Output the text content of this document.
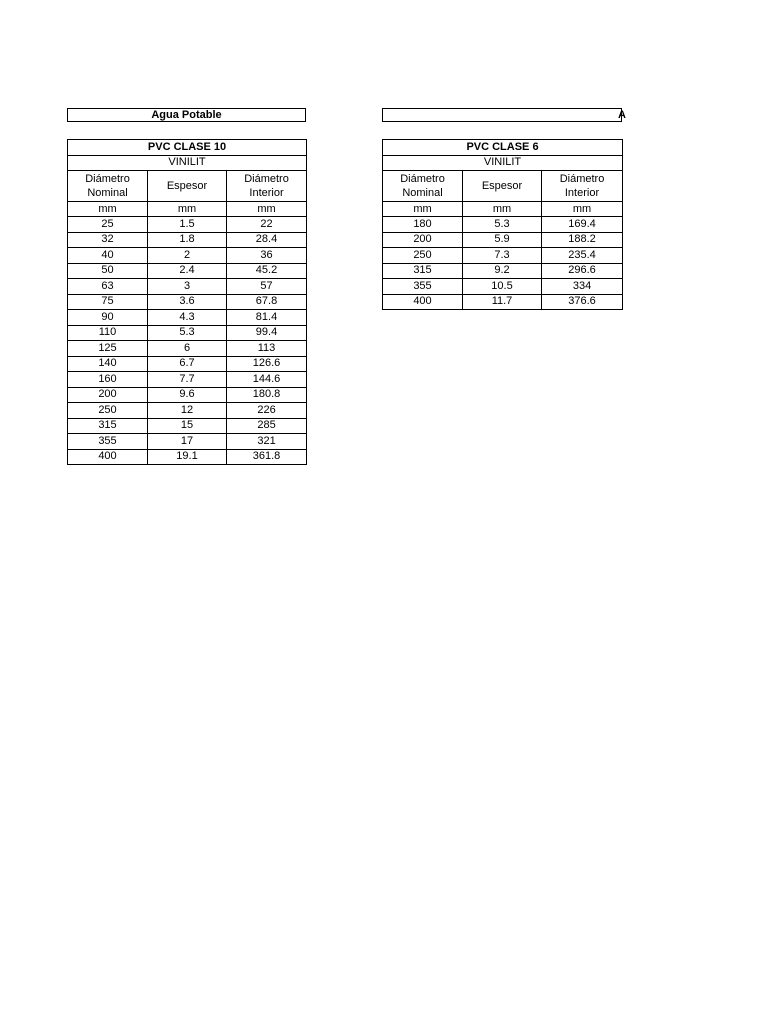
Agua Potable	A
PVC CLASE 10		
VINILIT		
Diámetro Nominal	Espesor	Diámetro Interior
mm	mm	mm
25	1.5	22
32	1.8	28.4
40	2	36
50	2.4	45.2
63	3	57
75	3.6	67.8
90	4.3	81.4
110	5.3	99.4
125	6	113
140	6.7	126.6
160	7.7	144.6
200	9.6	180.8
250	12	226
315	15	285
355	17	321
400	19.1	361.8
PVC CLASE 6		
VINILIT		
Diámetro Nominal	Espesor	Diámetro Interior
mm	mm	mm
180	5.3	169.4
200	5.9	188.2
250	7.3	235.4
315	9.2	296.6
355	10.5	334
400	11.7	376.6
